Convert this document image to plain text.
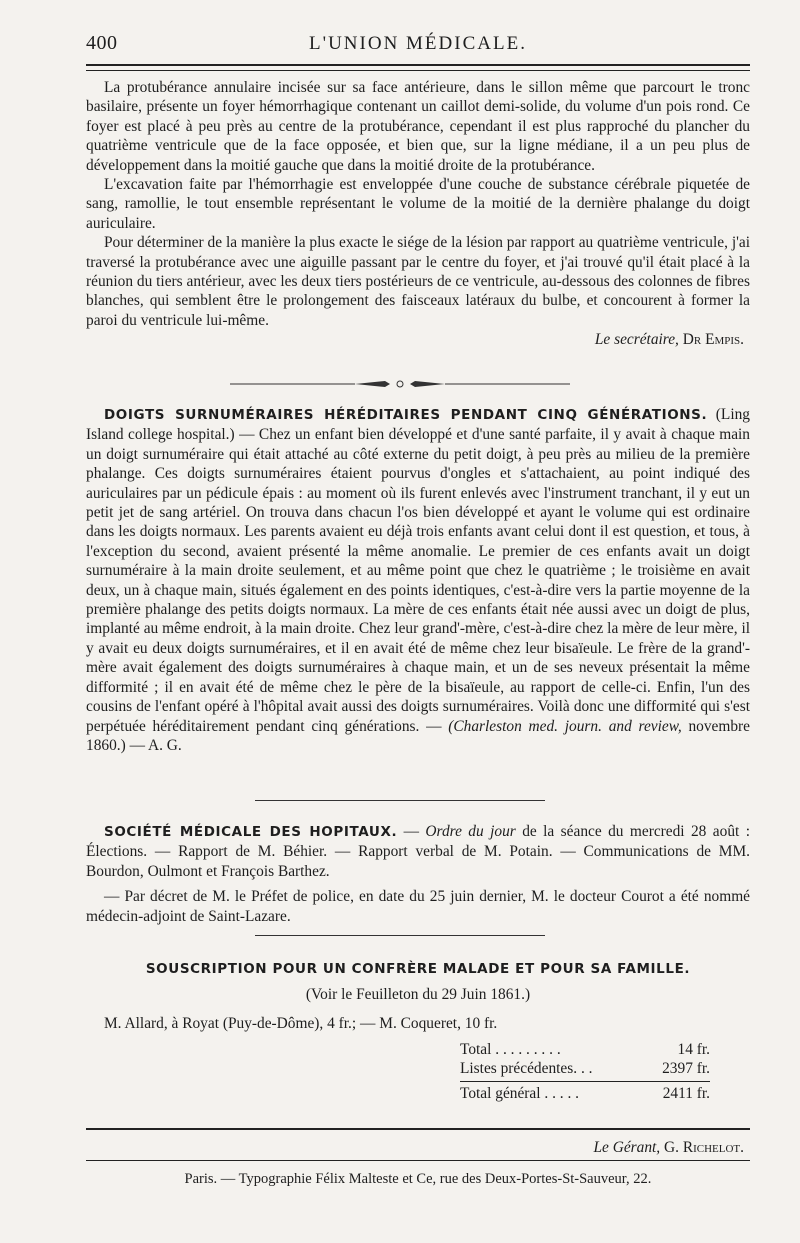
400	L'UNION MÉDICALE.

La protubérance annulaire incisée sur sa face antérieure, dans le sillon même que parcourt le tronc basilaire, présente un foyer hémorrhagique contenant un caillot demi-solide, du volume d'un pois rond. Ce foyer est placé à peu près au centre de la protubérance, cependant il est plus rapproché du plancher du quatrième ventricule que de la face opposée, et bien que, sur la ligne médiane, il a un peu plus de développement dans la moitié gauche que dans la moitié droite de la protubérance.

L'excavation faite par l'hémorrhagie est enveloppée d'une couche de substance cérébrale piquetée de sang, ramollie, le tout ensemble représentant le volume de la moitié de la dernière phalange du doigt auriculaire.

Pour déterminer de la manière la plus exacte le siége de la lésion par rapport au quatrième ventricule, j'ai traversé la protubérance avec une aiguille passant par le centre du foyer, et j'ai trouvé qu'il était placé à la réunion du tiers antérieur, avec les deux tiers postérieurs de ce ventricule, au-dessous des colonnes de fibres blanches, qui semblent être le prolongement des faisceaux latéraux du bulbe, et concourent à former la paroi du ventricule lui-même.

Le secrétaire, Dr Empis.

DOIGTS SURNUMÉRAIRES HÉRÉDITAIRES PENDANT CINQ GÉNÉRATIONS. (Ling Island college hospital.) — Chez un enfant bien développé et d'une santé parfaite, il y avait à chaque main un doigt surnuméraire qui était attaché au côté externe du petit doigt, à peu près au milieu de la première phalange. Ces doigts surnuméraires étaient pourvus d'ongles et s'attachaient, au point indiqué des auriculaires par un pédicule épais : au moment où ils furent enlevés avec l'instrument tranchant, il y eut un petit jet de sang artériel. On trouva dans chacun l'os bien développé et ayant le volume qui est ordinaire dans les doigts normaux. Les parents avaient eu déjà trois enfants avant celui dont il est question, et tous, à l'exception du second, avaient présenté la même anomalie. Le premier de ces enfants avait un doigt surnuméraire à la main droite seulement, et au même point que chez le quatrième ; le troisième en avait deux, un à chaque main, situés également en des points identiques, c'est-à-dire vers la partie moyenne de la première phalange des petits doigts normaux. La mère de ces enfants était née aussi avec un doigt de plus, implanté au même endroit, à la main droite. Chez leur grand'-mère, c'est-à-dire chez la mère de leur mère, il y avait eu deux doigts surnuméraires, et il en avait été de même chez leur bisaïeule. Le frère de la grand'-mère avait également des doigts surnuméraires à chaque main, et un de ses neveux présentait la même difformité ; il en avait été de même chez le père de la bisaïeule, au rapport de celle-ci. Enfin, l'un des cousins de l'enfant opéré à l'hôpital avait aussi des doigts surnuméraires. Voilà donc une difformité qui s'est perpétuée héréditairement pendant cinq générations. — (Charleston med. journ. and review, novembre 1860.) — A. G.

SOCIÉTÉ MÉDICALE DES HOPITAUX. — Ordre du jour de la séance du mercredi 28 août : Élections. — Rapport de M. Béhier. — Rapport verbal de M. Potain. — Communications de MM. Bourdon, Oulmont et François Barthez.

— Par décret de M. le Préfet de police, en date du 25 juin dernier, M. le docteur Courot a été nommé médecin-adjoint de Saint-Lazare.

SOUSCRIPTION POUR UN CONFRÈRE MALADE ET POUR SA FAMILLE.
(Voir le Feuilleton du 29 Juin 1861.)
M. Allard, à Royat (Puy-de-Dôme), 4 fr.; — M. Coqueret, 10 fr.
Total . . . . . . . . .	14 fr.
Listes précédentes. . .	2397 fr.
Total général . . . . .	2411 fr.
Le Gérant, G. Richelot.
Paris. — Typographie Félix Malteste et Ce, rue des Deux-Portes-St-Sauveur, 22.
